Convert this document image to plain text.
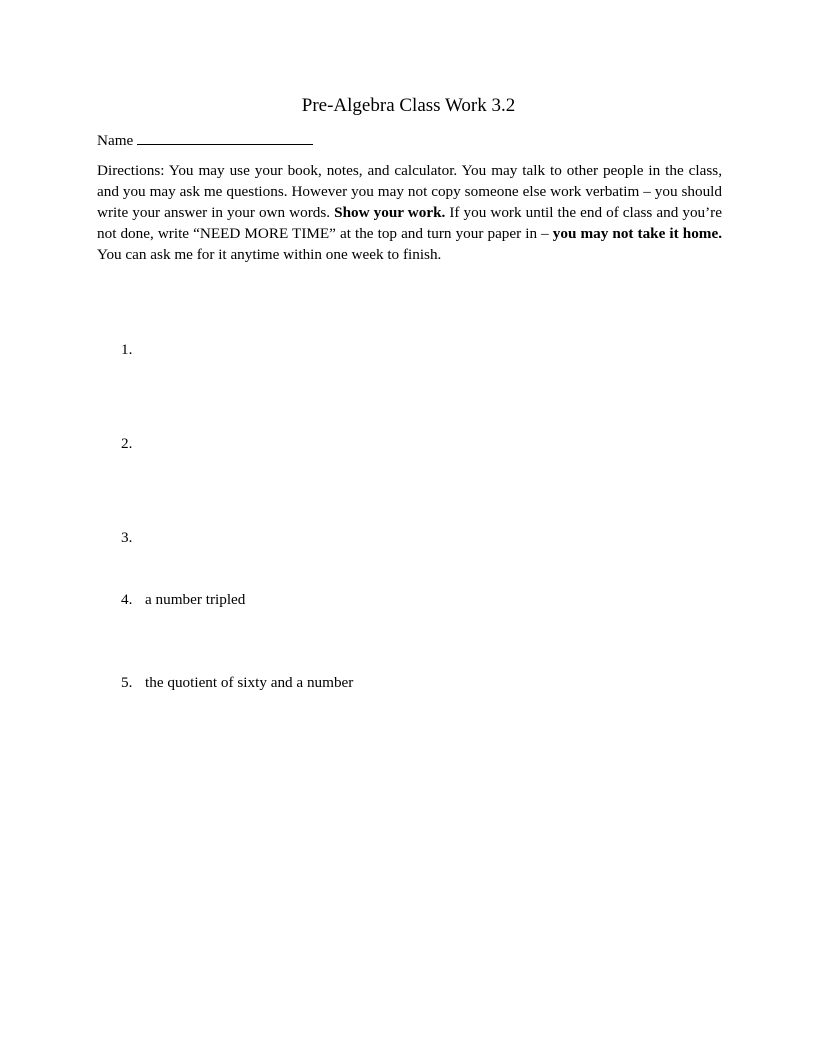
Pre-Algebra Class Work 3.2
Name
Directions: You may use your book, notes, and calculator. You may talk to other people in the class, and you may ask me questions. However you may not copy someone else work verbatim – you should write your answer in your own words. Show your work. If you work until the end of class and you’re not done, write “NEED MORE TIME” at the top and turn your paper in – you may not take it home. You can ask me for it anytime within one week to finish.
1.
2.
3.
4. a number tripled
5. the quotient of sixty and a number
